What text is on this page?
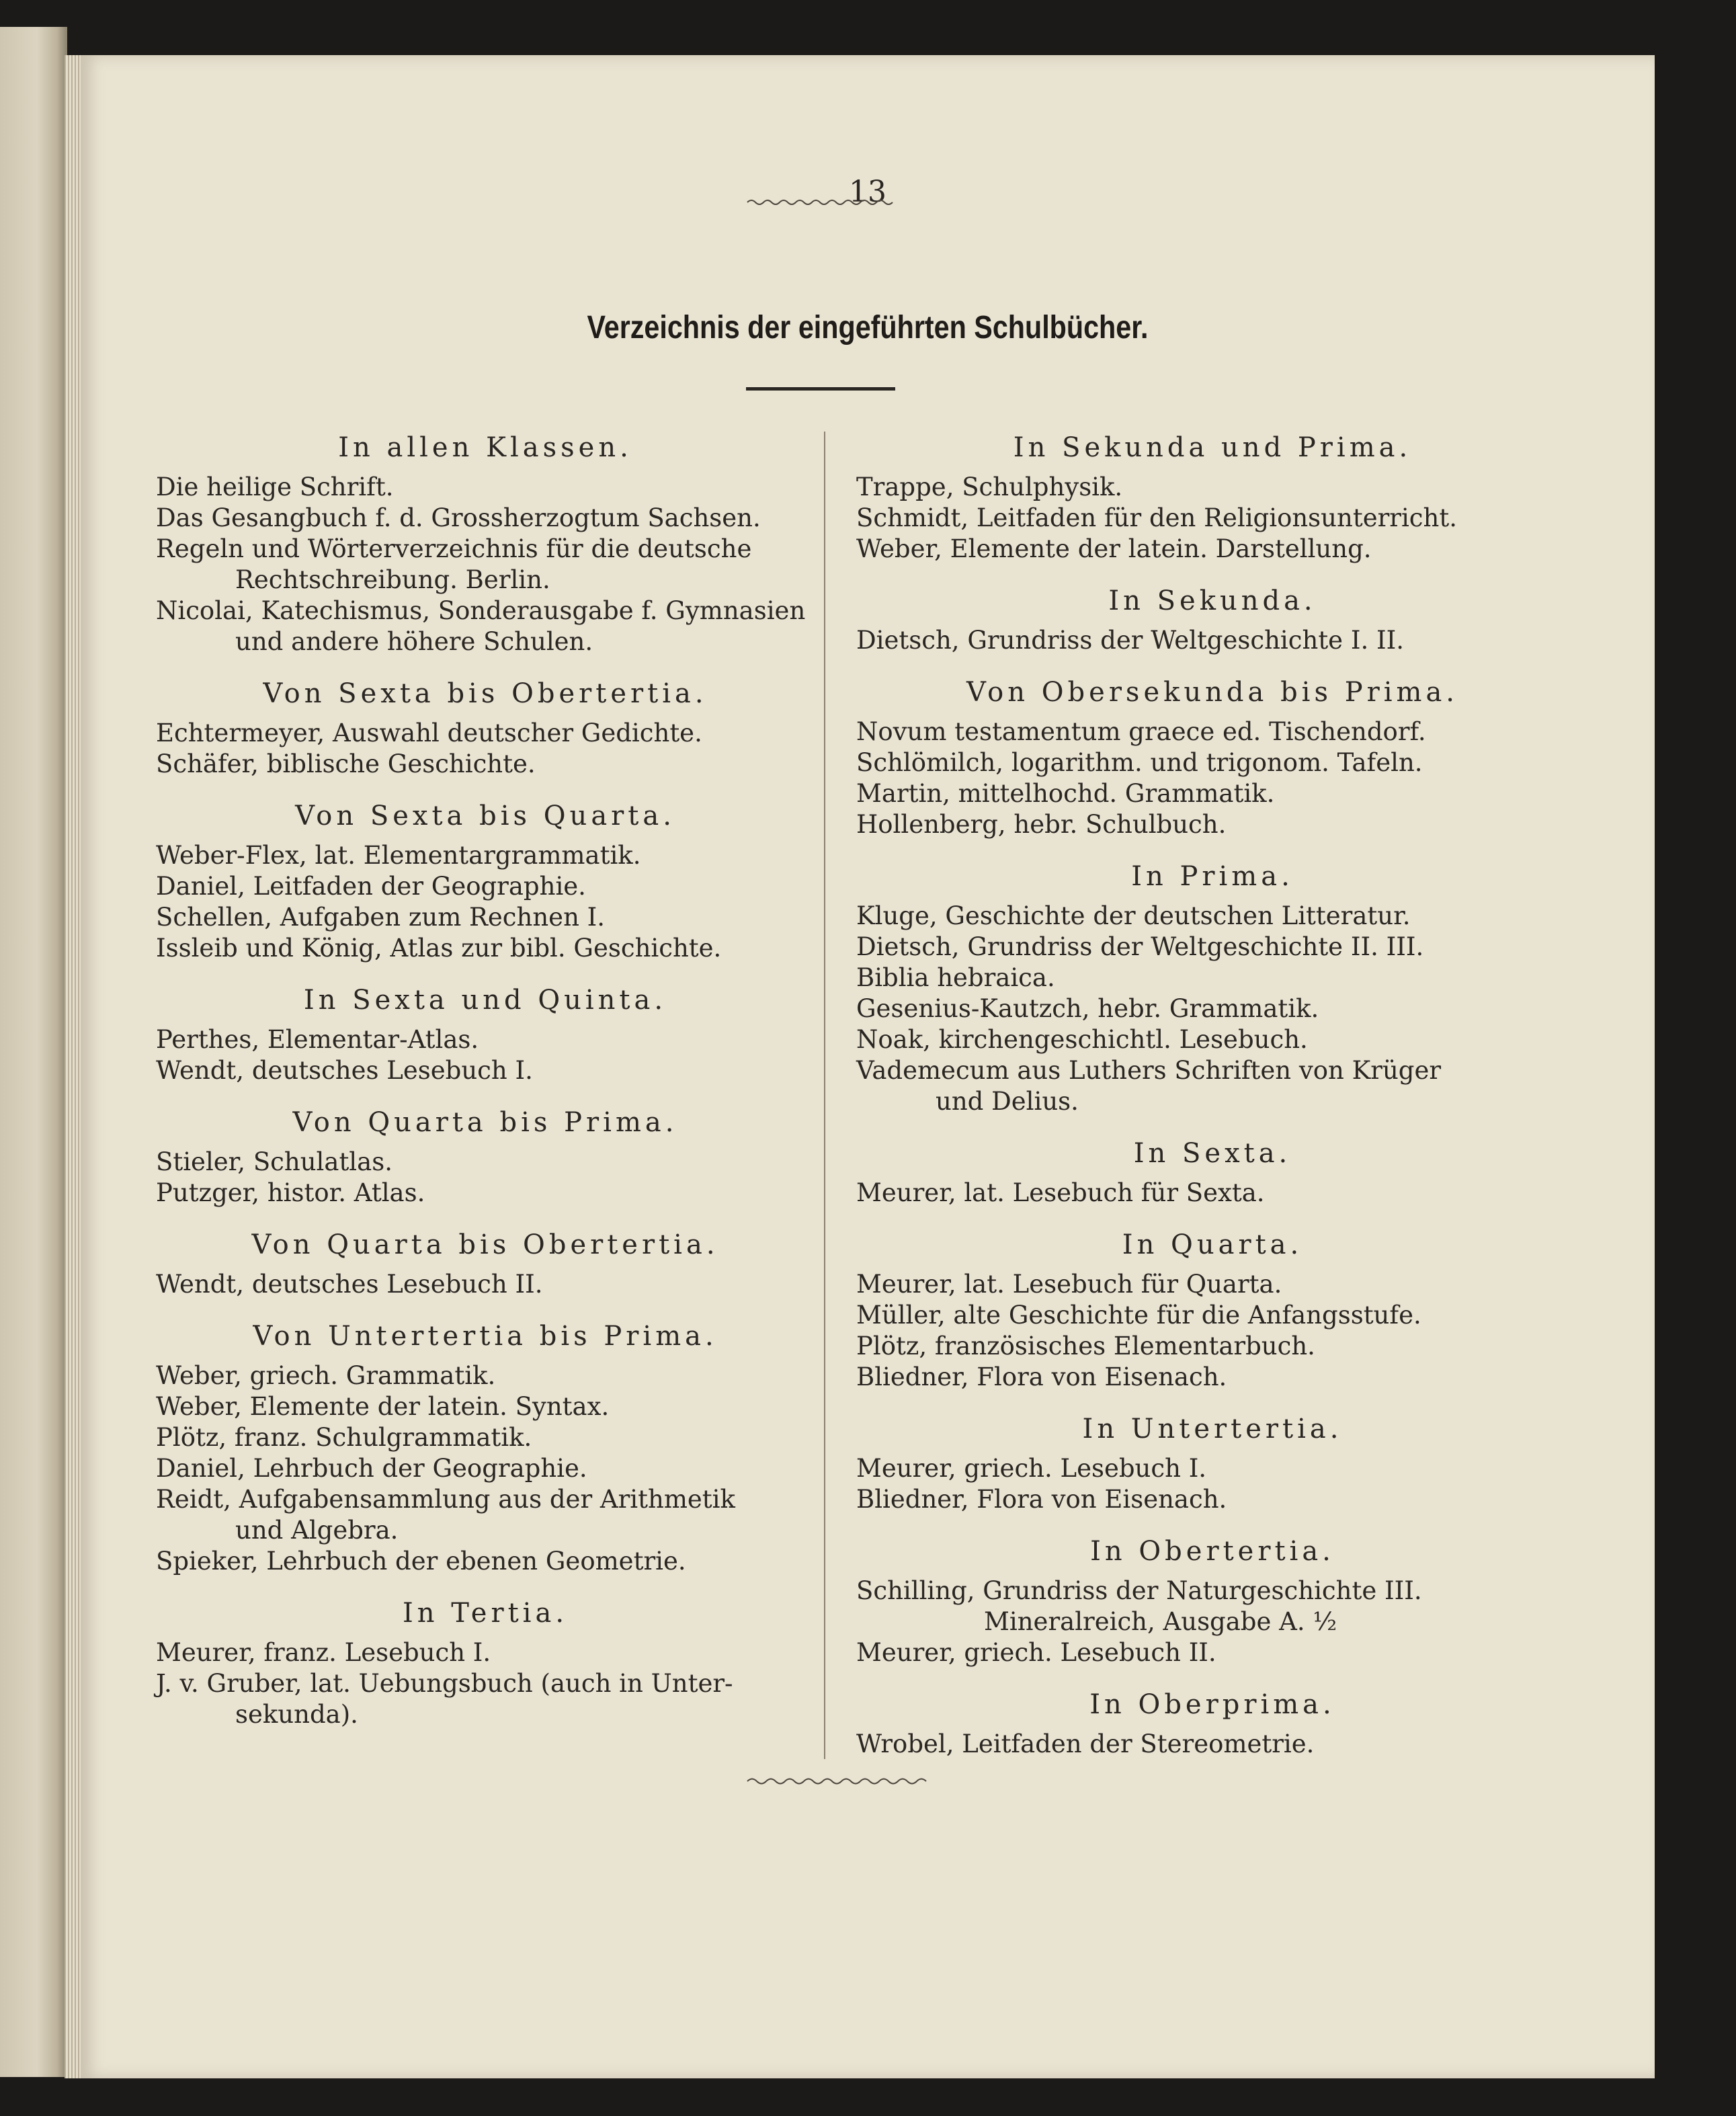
13
Verzeichnis der eingeführten Schulbücher.
In allen Klassen.

Die heilige Schrift.

Das Gesangbuch f. d. Grossherzogtum Sachsen.

Regeln und Wörterverzeichnis für die deutsche

Rechtschreibung. Berlin.

Nicolai, Katechismus, Sonderausgabe f. Gymnasien

und andere höhere Schulen.

Von Sexta bis Obertertia.

Echtermeyer, Auswahl deutscher Gedichte.

Schäfer, biblische Geschichte.

Von Sexta bis Quarta.

Weber-Flex, lat. Elementargrammatik.

Daniel, Leitfaden der Geographie.

Schellen, Aufgaben zum Rechnen I.

Issleib und König, Atlas zur bibl. Geschichte.

In Sexta und Quinta.

Perthes, Elementar-Atlas.

Wendt, deutsches Lesebuch I.

Von Quarta bis Prima.

Stieler, Schulatlas.

Putzger, histor. Atlas.

Von Quarta bis Obertertia.

Wendt, deutsches Lesebuch II.

Von Untertertia bis Prima.

Weber, griech. Grammatik.

Weber, Elemente der latein. Syntax.

Plötz, franz. Schulgrammatik.

Daniel, Lehrbuch der Geographie.

Reidt, Aufgabensammlung aus der Arithmetik

und Algebra.

Spieker, Lehrbuch der ebenen Geometrie.

In Tertia.

Meurer, franz. Lesebuch I.

J. v. Gruber, lat. Uebungsbuch (auch in Unter-

sekunda).

In Sekunda und Prima.

Trappe, Schulphysik.

Schmidt, Leitfaden für den Religionsunterricht.

Weber, Elemente der latein. Darstellung.

In Sekunda.

Dietsch, Grundriss der Weltgeschichte I. II.

Von Obersekunda bis Prima.

Novum testamentum graece ed. Tischendorf.

Schlömilch, logarithm. und trigonom. Tafeln.

Martin, mittelhochd. Grammatik.

Hollenberg, hebr. Schulbuch.

In Prima.

Kluge, Geschichte der deutschen Litteratur.

Dietsch, Grundriss der Weltgeschichte II. III.

Biblia hebraica.

Gesenius-Kautzch, hebr. Grammatik.

Noak, kirchengeschichtl. Lesebuch.

Vademecum aus Luthers Schriften von Krüger

und Delius.

In Sexta.

Meurer, lat. Lesebuch für Sexta.

In Quarta.

Meurer, lat. Lesebuch für Quarta.

Müller, alte Geschichte für die Anfangsstufe.

Plötz, französisches Elementarbuch.

Bliedner, Flora von Eisenach.

In Untertertia.

Meurer, griech. Lesebuch I.

Bliedner, Flora von Eisenach.

In Obertertia.

Schilling, Grundriss der Naturgeschichte III.

Mineralreich, Ausgabe A. ½

Meurer, griech. Lesebuch II.

In Oberprima.

Wrobel, Leitfaden der Stereometrie.
